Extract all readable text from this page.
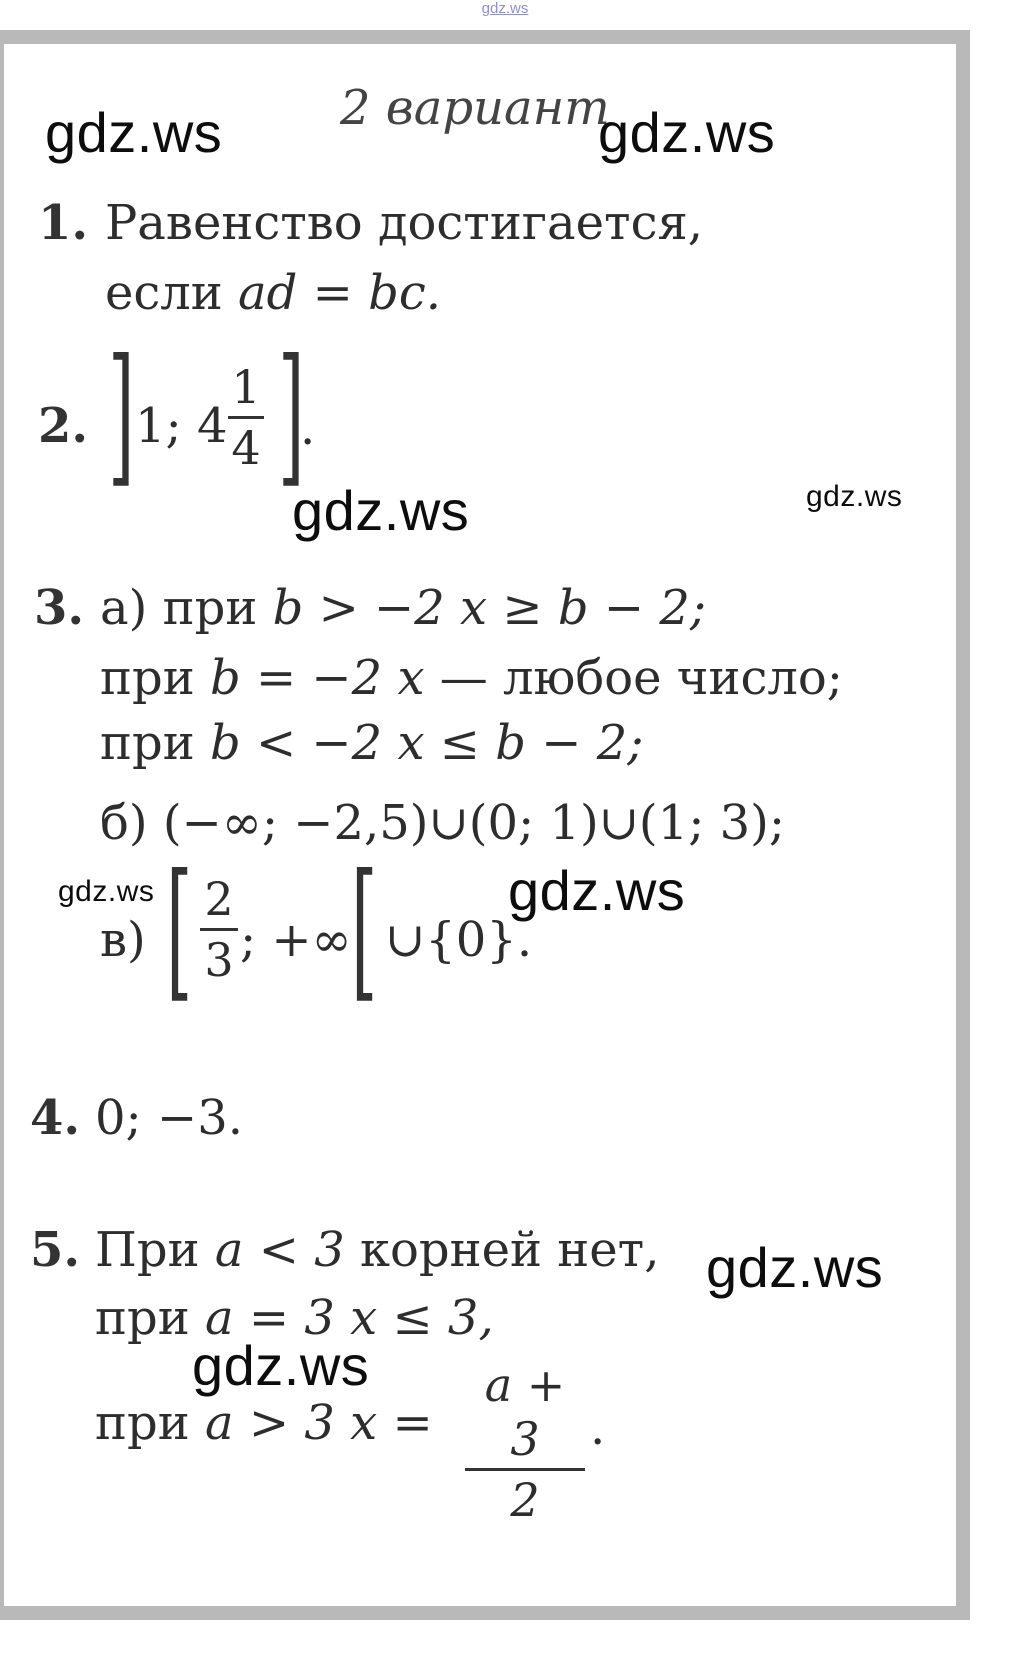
gdz.ws
2 вариант
1. Равенство достигается,
если ad = bc.
2. ] 1; 4
1
4 ]
.
3. а) при b > −2 x ≥ b − 2;
при b = −2 x — любое число;
при b < −2 x ≤ b − 2;
б) (−∞; −2,5)∪(0; 1)∪(1; 3);
в) [ 2
3 ; +∞ [ ∪{0}.
4. 0; −3.
5. При a < 3 корней нет,
при a = 3 x ≤ 3,
при a > 3 x =
a + 3
2
.
gdz.ws	gdz.ws
gdz.ws	gdz.ws
gdz.ws	gdz.ws
gdz.ws
gdz.ws
